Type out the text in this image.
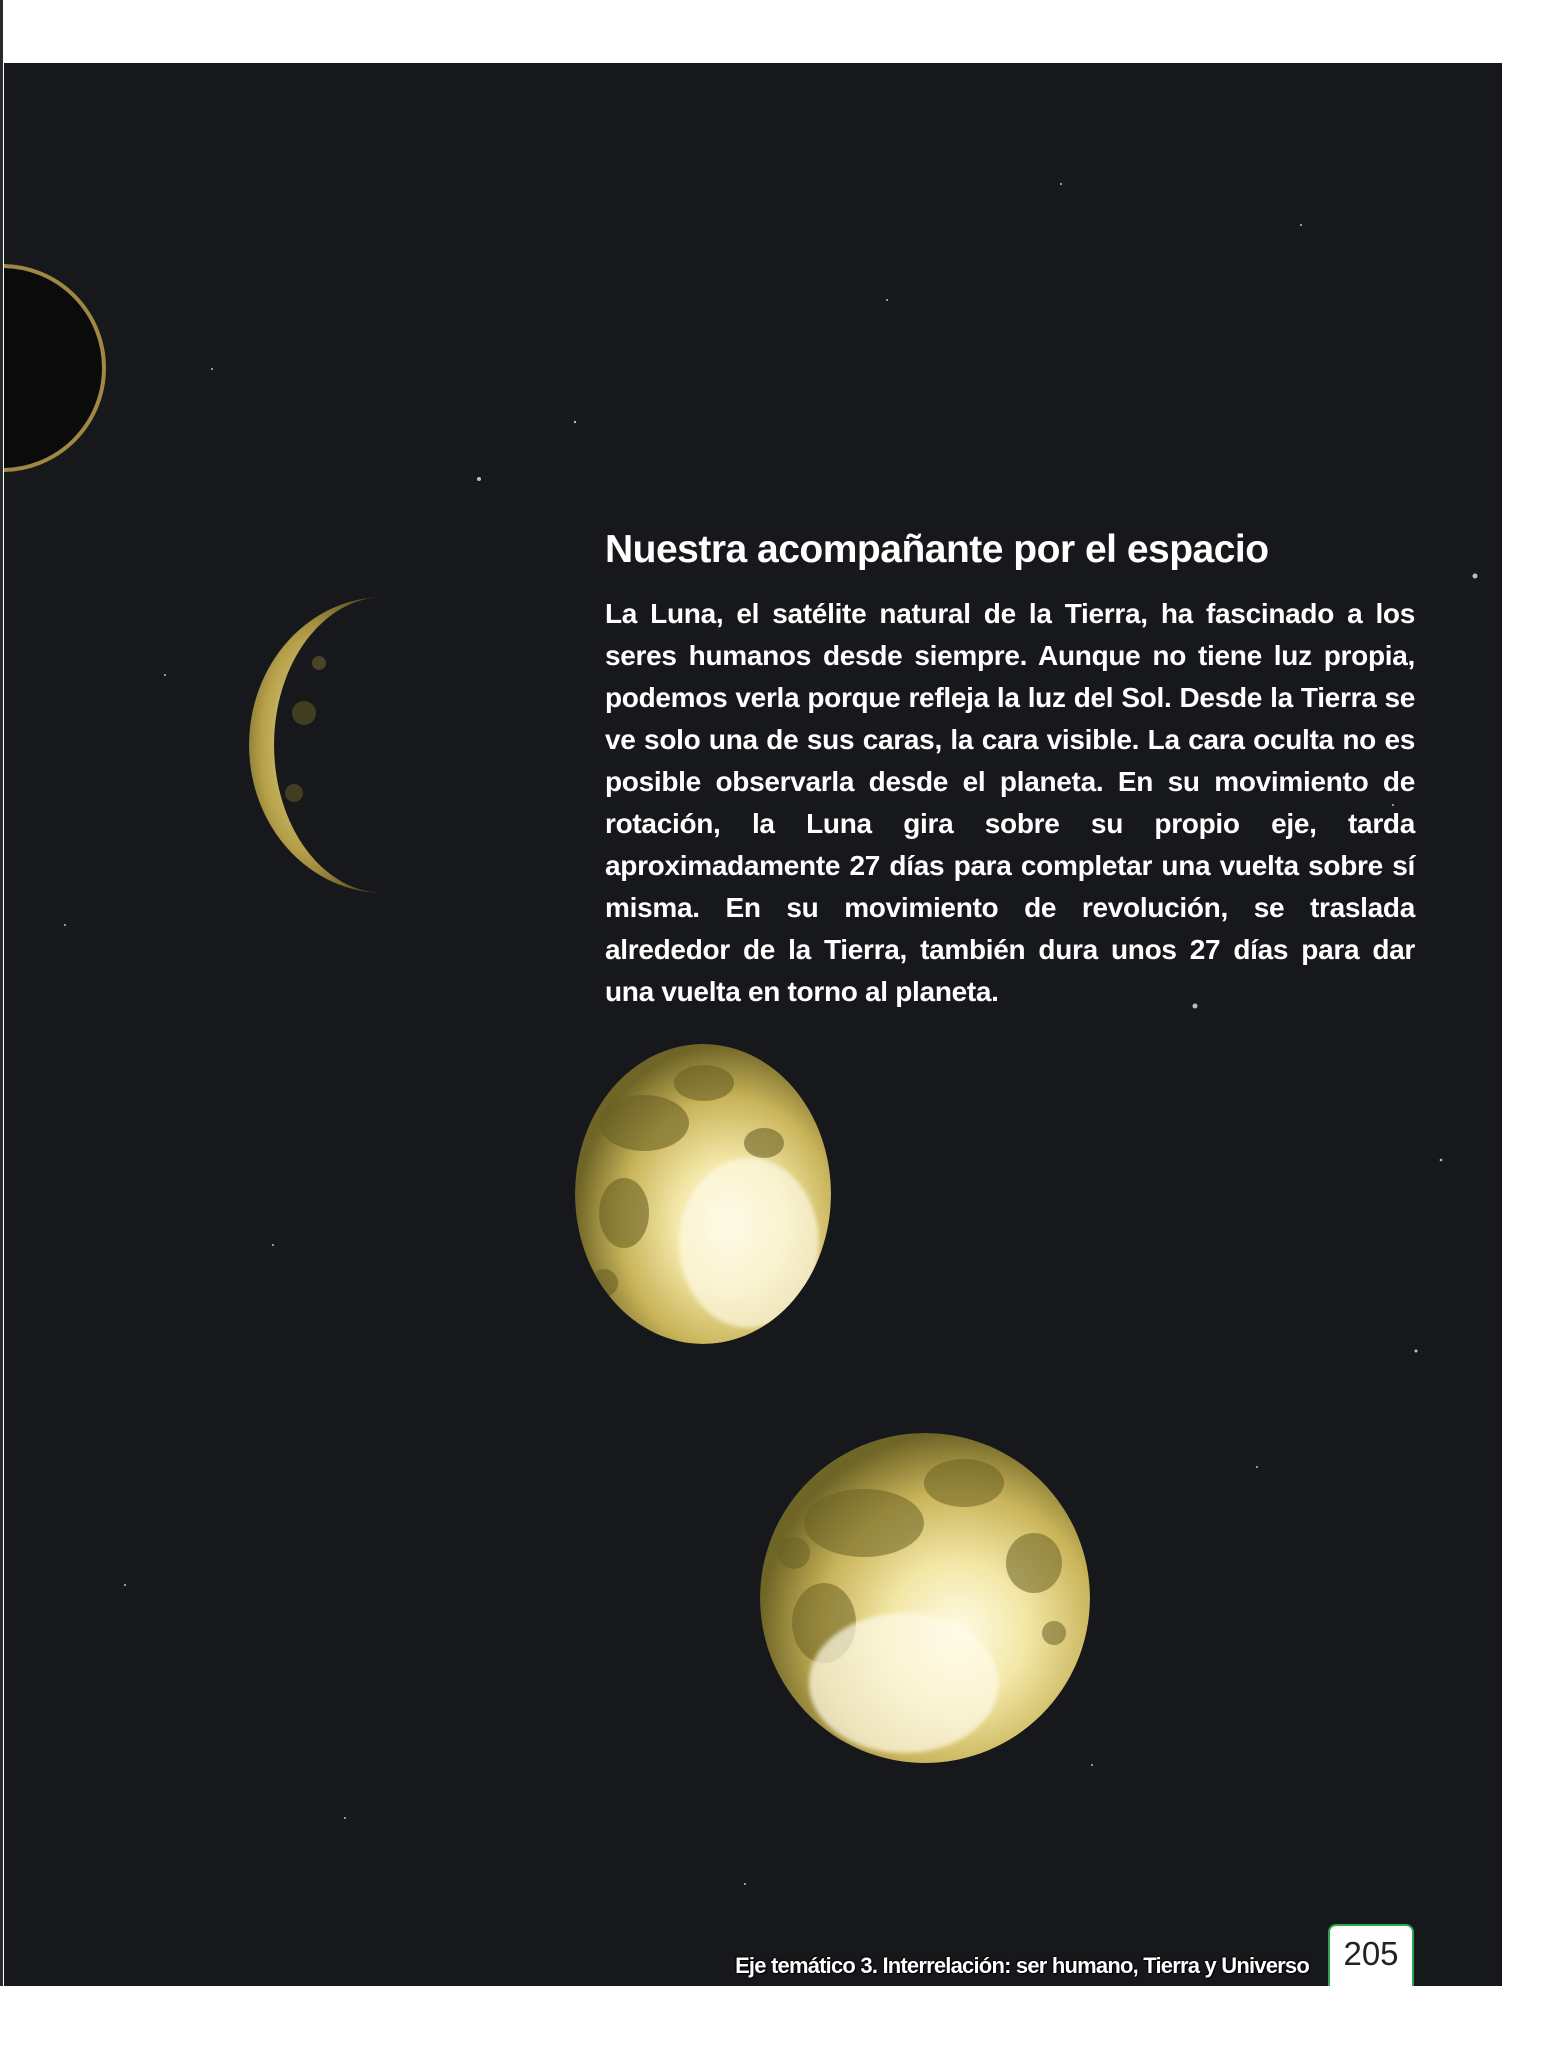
Nuestra acompañante por el espacio

La Luna, el satélite natural de la Tierra, ha fascinado a los seres humanos desde siempre. Aunque no tiene luz propia, podemos verla porque refleja la luz del Sol. Desde la Tierra se ve solo una de sus caras, la cara visible. La cara oculta no es posible observarla desde el planeta. En su movimiento de rotación, la Luna gira sobre su propio eje, tarda aproximadamente 27 días para completar una vuelta sobre sí misma. En su movimiento de revolución, se traslada alrededor de la Tierra, también dura unos 27 días para dar una vuelta en torno al planeta.

Eje temático 3. Interrelación: ser humano, Tierra y Universo	205
